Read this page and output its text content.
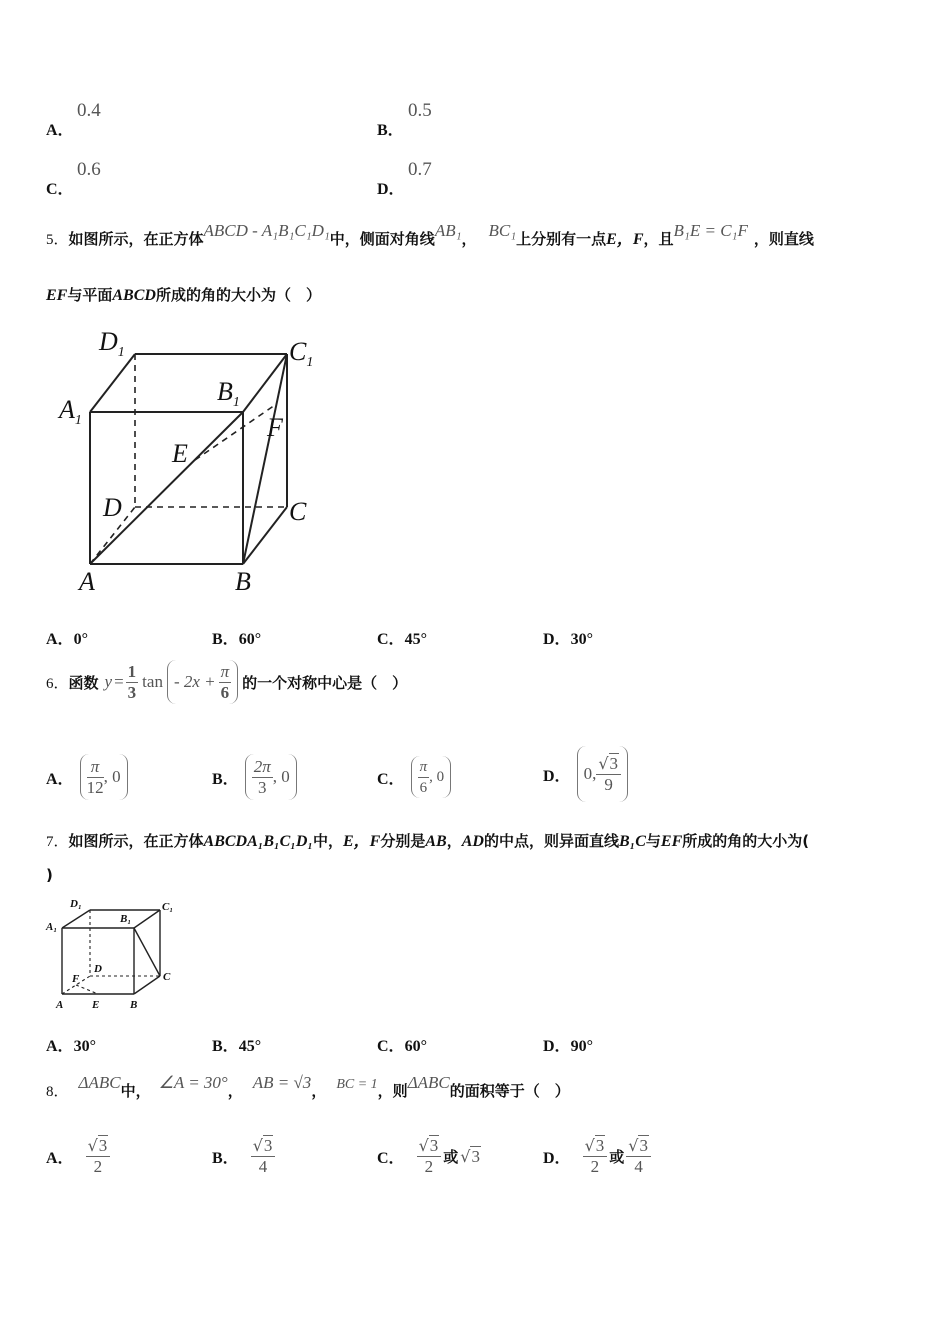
A．
0.4
B．
0.5
C．
0.6
D．
0.7
5．如图所示，在正方体ABCD - A₁B₁C₁D₁中，侧面对角线AB₁， BC₁上分别有一点E，F，且B₁E = C₁F ，则直线
EF与平面ABCD所成的角的大小为（　）
$D_1$	$C_1$
$A_1$
$B_1$
E
F
D	C
A	B
A．0°	B．60°	C．45°	D．30°
6． 函数 $y = \frac{1}{3}$ $\tan - 2x + \frac{\pi}{6}$ 的一个对称中心是（　）
A． $\frac{\pi}{12}$ , 0	B． $\frac{2\pi}{3}$ , 0	C． $\frac{\pi}{6}$ , 0	D． 0, $\frac{√3}{9}$
7．如图所示，在正方体ABCDA₁B₁C₁D₁中，E，F分别是AB，AD的中点，则异面直线B₁C与EF所成的角的大小为(
)
D₁	C₁
A₁
B₁
F
D
C
A	E	B
A．30°	B．45°	C．60°	D．90°
8． ΔABC中， ∠A = 30°， AB = √3， BC = 1，则ΔABC的面积等于（　）
A． $\frac{√3}{2}$	B． $\frac{√3}{4}$	C． $\frac{√3}{2}$ 或 √ 3	D． $\frac{√3}{2}$ 或 $\frac{√3}{4}$
